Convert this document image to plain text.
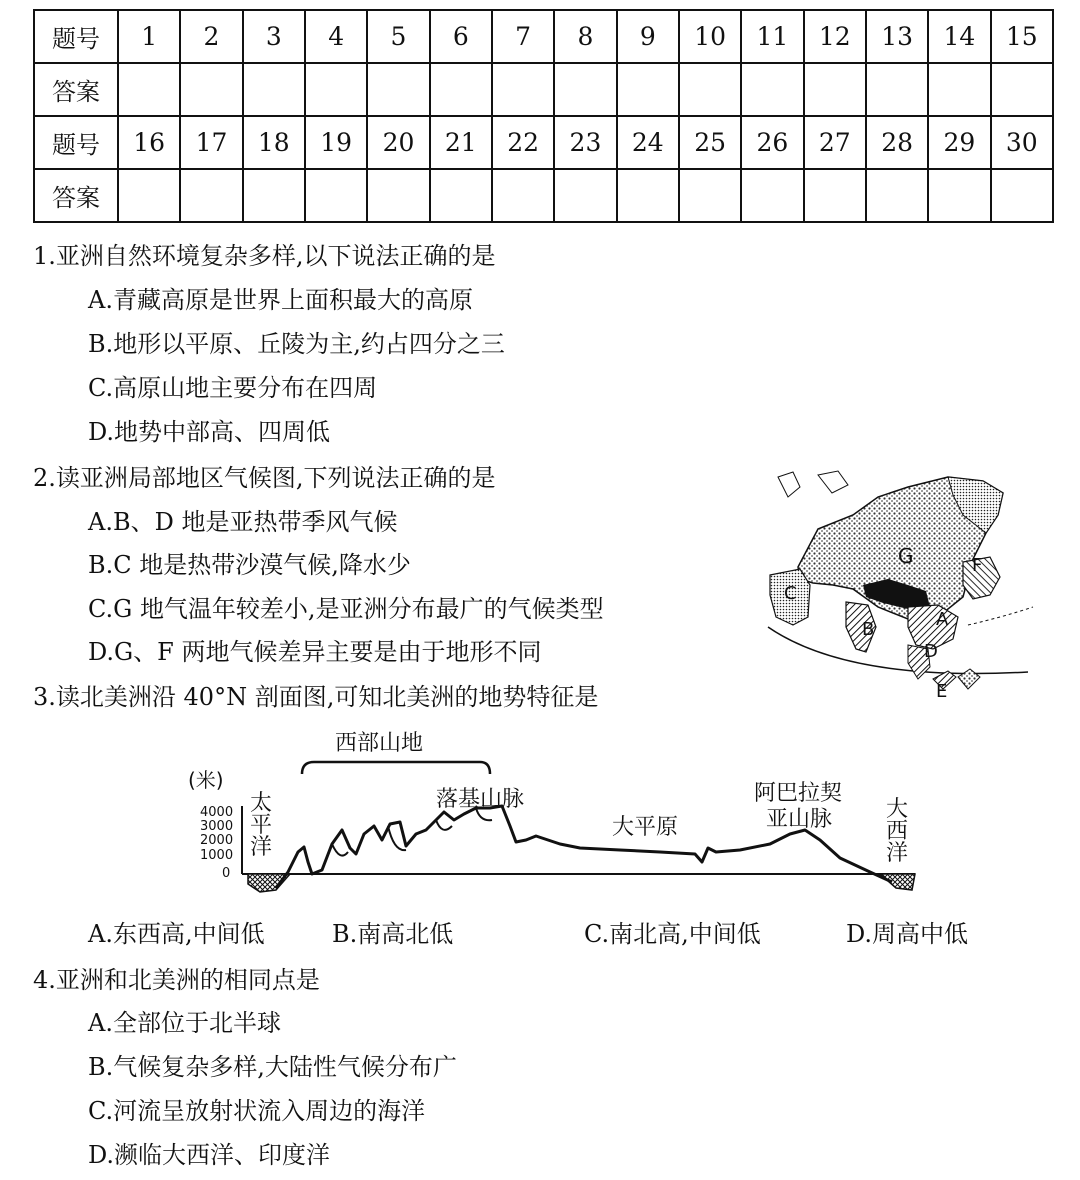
题号	1	2	3	4	5	6	7	8	9	10	11	12	13	14	15
答案															
题号	16	17	18	19	20	21	22	23	24	25	26	27	28	29	30
答案															
1.亚洲自然环境复杂多样,以下说法正确的是
A.青藏高原是世界上面积最大的高原
B.地形以平原、丘陵为主,约占四分之三
C.高原山地主要分布在四周
D.地势中部高、四周低
2.读亚洲局部地区气候图,下列说法正确的是
A.B、D 地是亚热带季风气候
B.C 地是热带沙漠气候,降水少
C.G 地气温年较差小,是亚洲分布最广的气候类型
D.G、F 两地气候差异主要是由于地形不同
G	F
C
B	A
D
E
3.读北美洲沿 40°N 剖面图,可知北美洲的地势特征是
西部山地
(米)
4000
3000
2000
1000
0
太
平
洋
落基山脉
大平原
阿巴拉契
亚山脉 大
西
洋
A.东西高,中间低	B.南高北低	C.南北高,中间低	D.周高中低
4.亚洲和北美洲的相同点是
A.全部位于北半球
B.气候复杂多样,大陆性气候分布广
C.河流呈放射状流入周边的海洋
D.濒临大西洋、印度洋
